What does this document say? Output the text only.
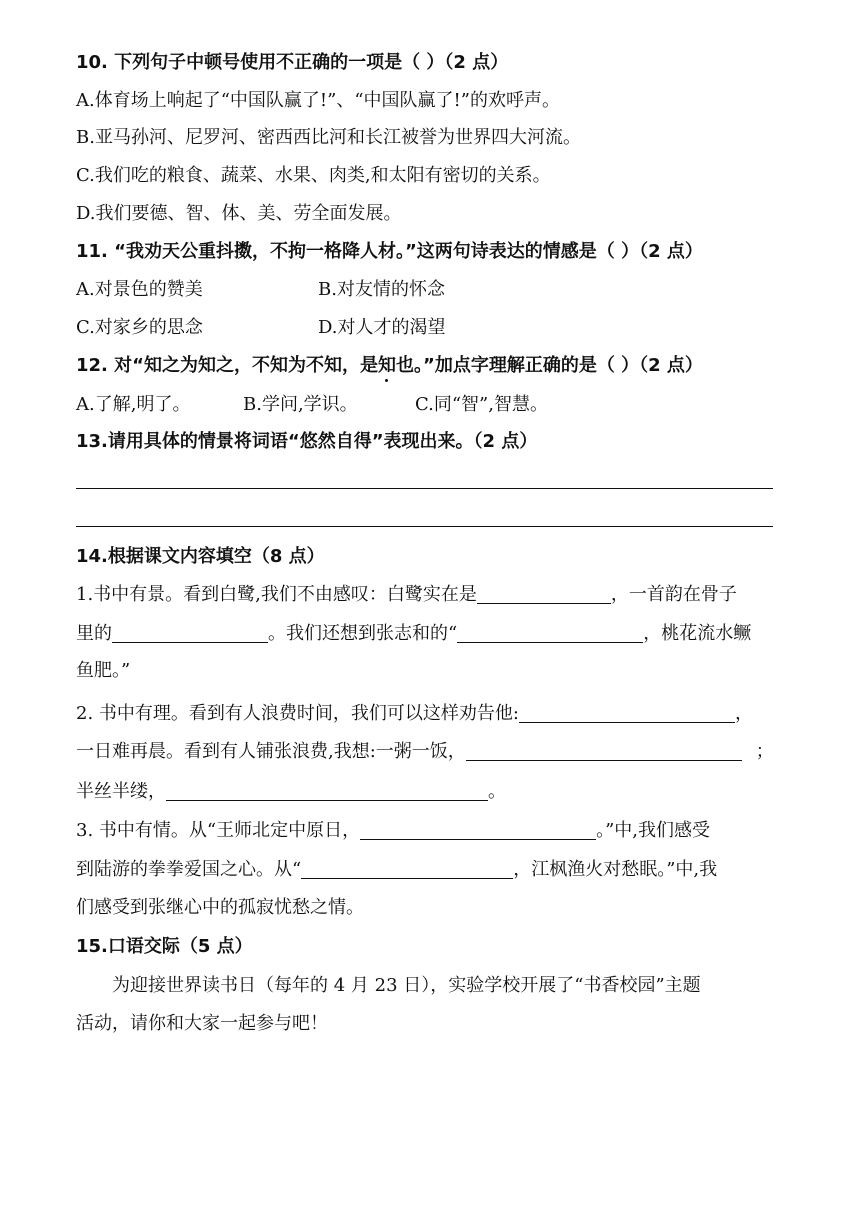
10. 下列句子中顿号使用不正确的一项是（ ）（2 点）
A.体育场上响起了“中国队赢了!”、“中国队赢了!”的欢呼声。
B.亚马孙河、尼罗河、密西西比河和长江被誉为世界四大河流。
C.我们吃的粮食、蔬菜、水果、肉类,和太阳有密切的关系。
D.我们要德、智、体、美、劳全面发展。
11. “我劝天公重抖擞，不拘一格降人材。”这两句诗表达的情感是（ ）（2 点）
A.对景色的赞美	B.对友情的怀念
C.对家乡的思念	D.对人才的渴望
12. 对“知之为知之，不知为不知，是知也。”加点字理解正确的是（ ）（2 点）
A.了解,明了。	B.学问,学识。	C.同“智”,智慧。
13.请用具体的情景将词语“悠然自得”表现出来。（2 点）
14.根据课文内容填空（8 点）
1.书中有景。看到白鹭,我们不由感叹：白鹭实在是	，一首韵在骨子
里的	。我们还想到张志和的“	，桃花流水鳜
鱼肥。”
2. 书中有理。看到有人浪费时间，我们可以这样劝告他:	，
一日难再晨。看到有人铺张浪费,我想:一粥一饭，	；
半丝半缕，	。
3. 书中有情。从“王师北定中原日，	。”中,我们感受
到陆游的拳拳爱国之心。从“	，江枫渔火对愁眠。”中,我
们感受到张继心中的孤寂忧愁之情。
15.口语交际（5 点）
为迎接世界读书日（每年的 4 月 23 日），实验学校开展了“书香校园”主题
活动，请你和大家一起参与吧！
